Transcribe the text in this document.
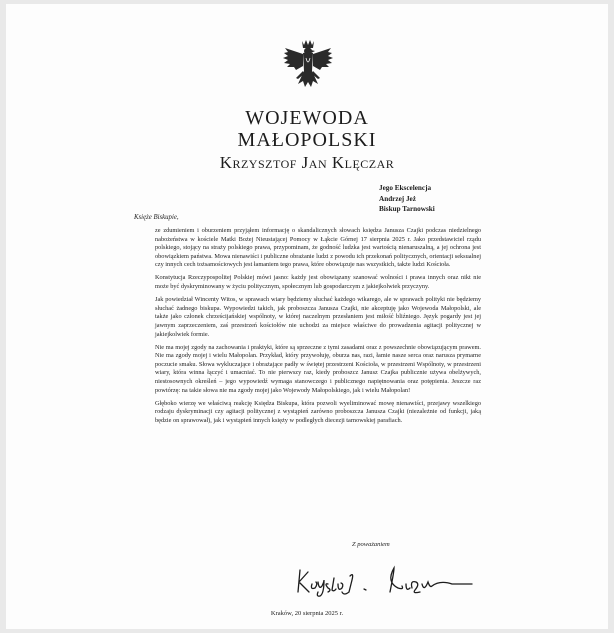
WOJEWODA
MAŁOPOLSKI
Krzysztof Jan Klęczar
Jego Ekscelencja
Andrzej Jeż
Biskup Tarnowski
Księże Biskupie,

ze zdumieniem i oburzeniem przyjąłem informację o skandalicznych słowach księdza Janusza Czajki podczas niedzielnego nabożeństwa w kościele Matki Bożej Nieustającej Pomocy w Łąkcie Górnej 17 sierpnia 2025 r. Jako przedstawiciel rządu polskiego, stojący na straży polskiego prawa, przypominam, że godność ludzka jest wartością nienaruszalną, a jej ochrona jest obowiązkiem państwa. Mowa nienawiści i publiczne obrażanie ludzi z powodu ich przekonań politycznych, orientacji seksualnej czy innych cech tożsamościowych jest łamaniem tego prawa, które obowiązuje nas wszystkich, także ludzi Kościoła.

Konstytucja Rzeczypospolitej Polskiej mówi jasno: każdy jest obowiązany szanować wolności i prawa innych oraz nikt nie może być dyskryminowany w życiu politycznym, społecznym lub gospodarczym z jakiejkolwiek przyczyny.

Jak powiedział Wincenty Witos, w sprawach wiary będziemy słuchać każdego wikarego, ale w sprawach polityki nie będziemy słuchać żadnego biskupa. Wypowiedzi takich, jak proboszcza Janusza Czajki, nie akceptuję jako Wojewoda Małopolski, ale także jako członek chrześcijańskiej wspólnoty, w której naczelnym przesłaniem jest miłość bliźniego. Język pogardy jest jej jawnym zaprzeczeniem, zaś przestrzeń kościołów nie uchodzi za miejsce właściwe do prowadzenia agitacji politycznej w jakiejkolwiek formie.

Nie ma mojej zgody na zachowania i praktyki, które są sprzeczne z tymi zasadami oraz z powszechnie obowiązującym prawem. Nie ma zgody mojej i wielu Małopolan. Przykład, który przywołuję, oburza nas, razi, łamie nasze serca oraz narusza prymarne poczucie smaku. Słowa wykluczające i obrażające padły w świętej przestrzeni Kościoła, w przestrzeni Wspólnoty, w przestrzeni wiary, która winna łączyć i umacniać. To nie pierwszy raz, kiedy proboszcz Janusz Czajka publicznie używa obelżywych, niestosownych określeń – jego wypowiedź wymaga stanowczego i publicznego napiętnowania oraz potępienia. Jeszcze raz powtórzę: na takie słowa nie ma zgody mojej jako Wojewody Małopolskiego, jak i wielu Małopolan!

Głęboko wierzę we właściwą reakcję Księdza Biskupa, która pozwoli wyeliminować mowę nienawiści, przejawy wszelkiego rodzaju dyskryminacji czy agitacji politycznej z wystąpień zarówno proboszcza Janusza Czajki (niezależnie od funkcji, jaką będzie on sprawował), jak i wystąpień innych księży w podległych diecezji tarnowskiej parafiach.

Z poważaniem
Kraków, 20 sierpnia 2025 r.
